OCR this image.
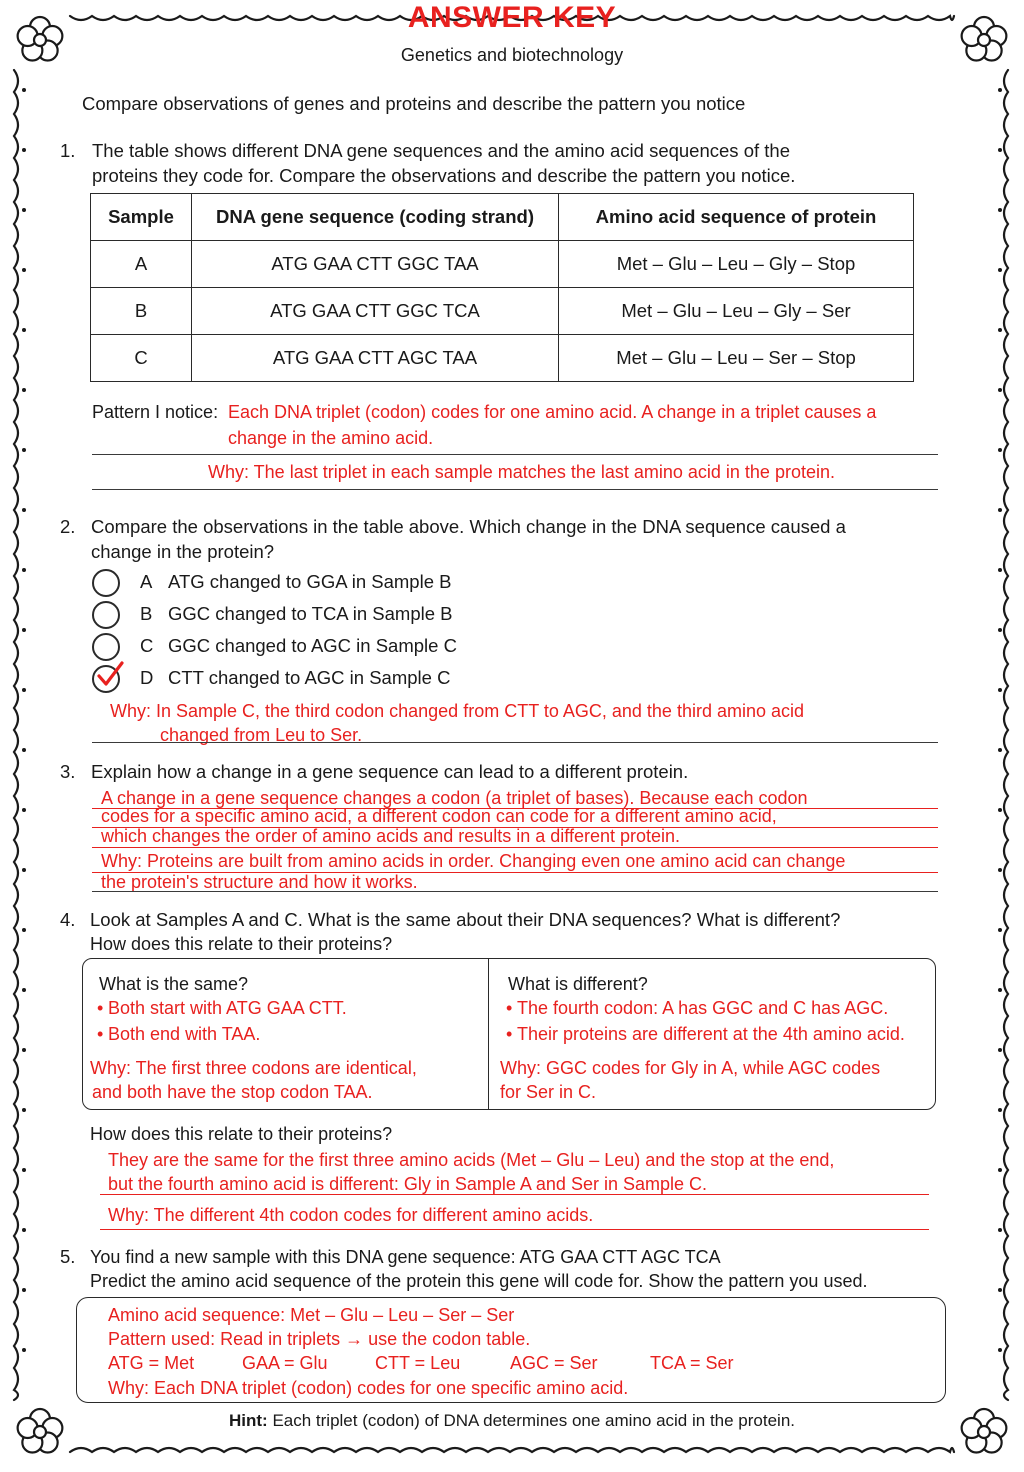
ANSWER KEY
Genetics and biotechnology
Compare observations of genes and proteins and describe the pattern you notice
1. The table shows different DNA gene sequences and the amino acid sequences of the
proteins they code for. Compare the observations and describe the pattern you notice.
Sample	DNA gene sequence (coding strand)	Amino acid sequence of protein
A	ATG GAA CTT GGC TAA	Met – Glu – Leu – Gly – Stop
B	ATG GAA CTT GGC TCA	Met – Glu – Leu – Gly – Ser
C	ATG GAA CTT AGC TAA	Met – Glu – Leu – Ser – Stop
Pattern I notice: Each DNA triplet (codon) codes for one amino acid. A change in a triplet causes a
change in the amino acid.
Why: The last triplet in each sample matches the last amino acid in the protein.
2. Compare the observations in the table above. Which change in the DNA sequence caused a
change in the protein?
A ATG changed to GGA in Sample B
B GGC changed to TCA in Sample B
C GGC changed to AGC in Sample C
D CTT changed to AGC in Sample C
Why: In Sample C, the third codon changed from CTT to AGC, and the third amino acid
changed from Leu to Ser.
3. Explain how a change in a gene sequence can lead to a different protein.
A change in a gene sequence changes a codon (a triplet of bases). Because each codon
codes for a specific amino acid, a different codon can code for a different amino acid,
which changes the order of amino acids and results in a different protein.
Why: Proteins are built from amino acids in order. Changing even one amino acid can change
the protein's structure and how it works.
4. Look at Samples A and C. What is the same about their DNA sequences? What is different?
How does this relate to their proteins?
What is the same?
• Both start with ATG GAA CTT.
• Both end with TAA.
Why: The first three codons are identical,
and both have the stop codon TAA.
What is different?
• The fourth codon: A has GGC and C has AGC.
• Their proteins are different at the 4th amino acid.
Why: GGC codes for Gly in A, while AGC codes
for Ser in C.
How does this relate to their proteins?
They are the same for the first three amino acids (Met – Glu – Leu) and the stop at the end,
but the fourth amino acid is different: Gly in Sample A and Ser in Sample C.
Why: The different 4th codon codes for different amino acids.
5. You find a new sample with this DNA gene sequence: ATG GAA CTT AGC TCA
Predict the amino acid sequence of the protein this gene will code for. Show the pattern you used.
Amino acid sequence: Met – Glu – Leu – Ser – Ser
Pattern used: Read in triplets → use the codon table.
ATG = Met	GAA = Glu	CTT = Leu	AGC = Ser	TCA = Ser
Why: Each DNA triplet (codon) codes for one specific amino acid.
Hint: Each triplet (codon) of DNA determines one amino acid in the protein.
